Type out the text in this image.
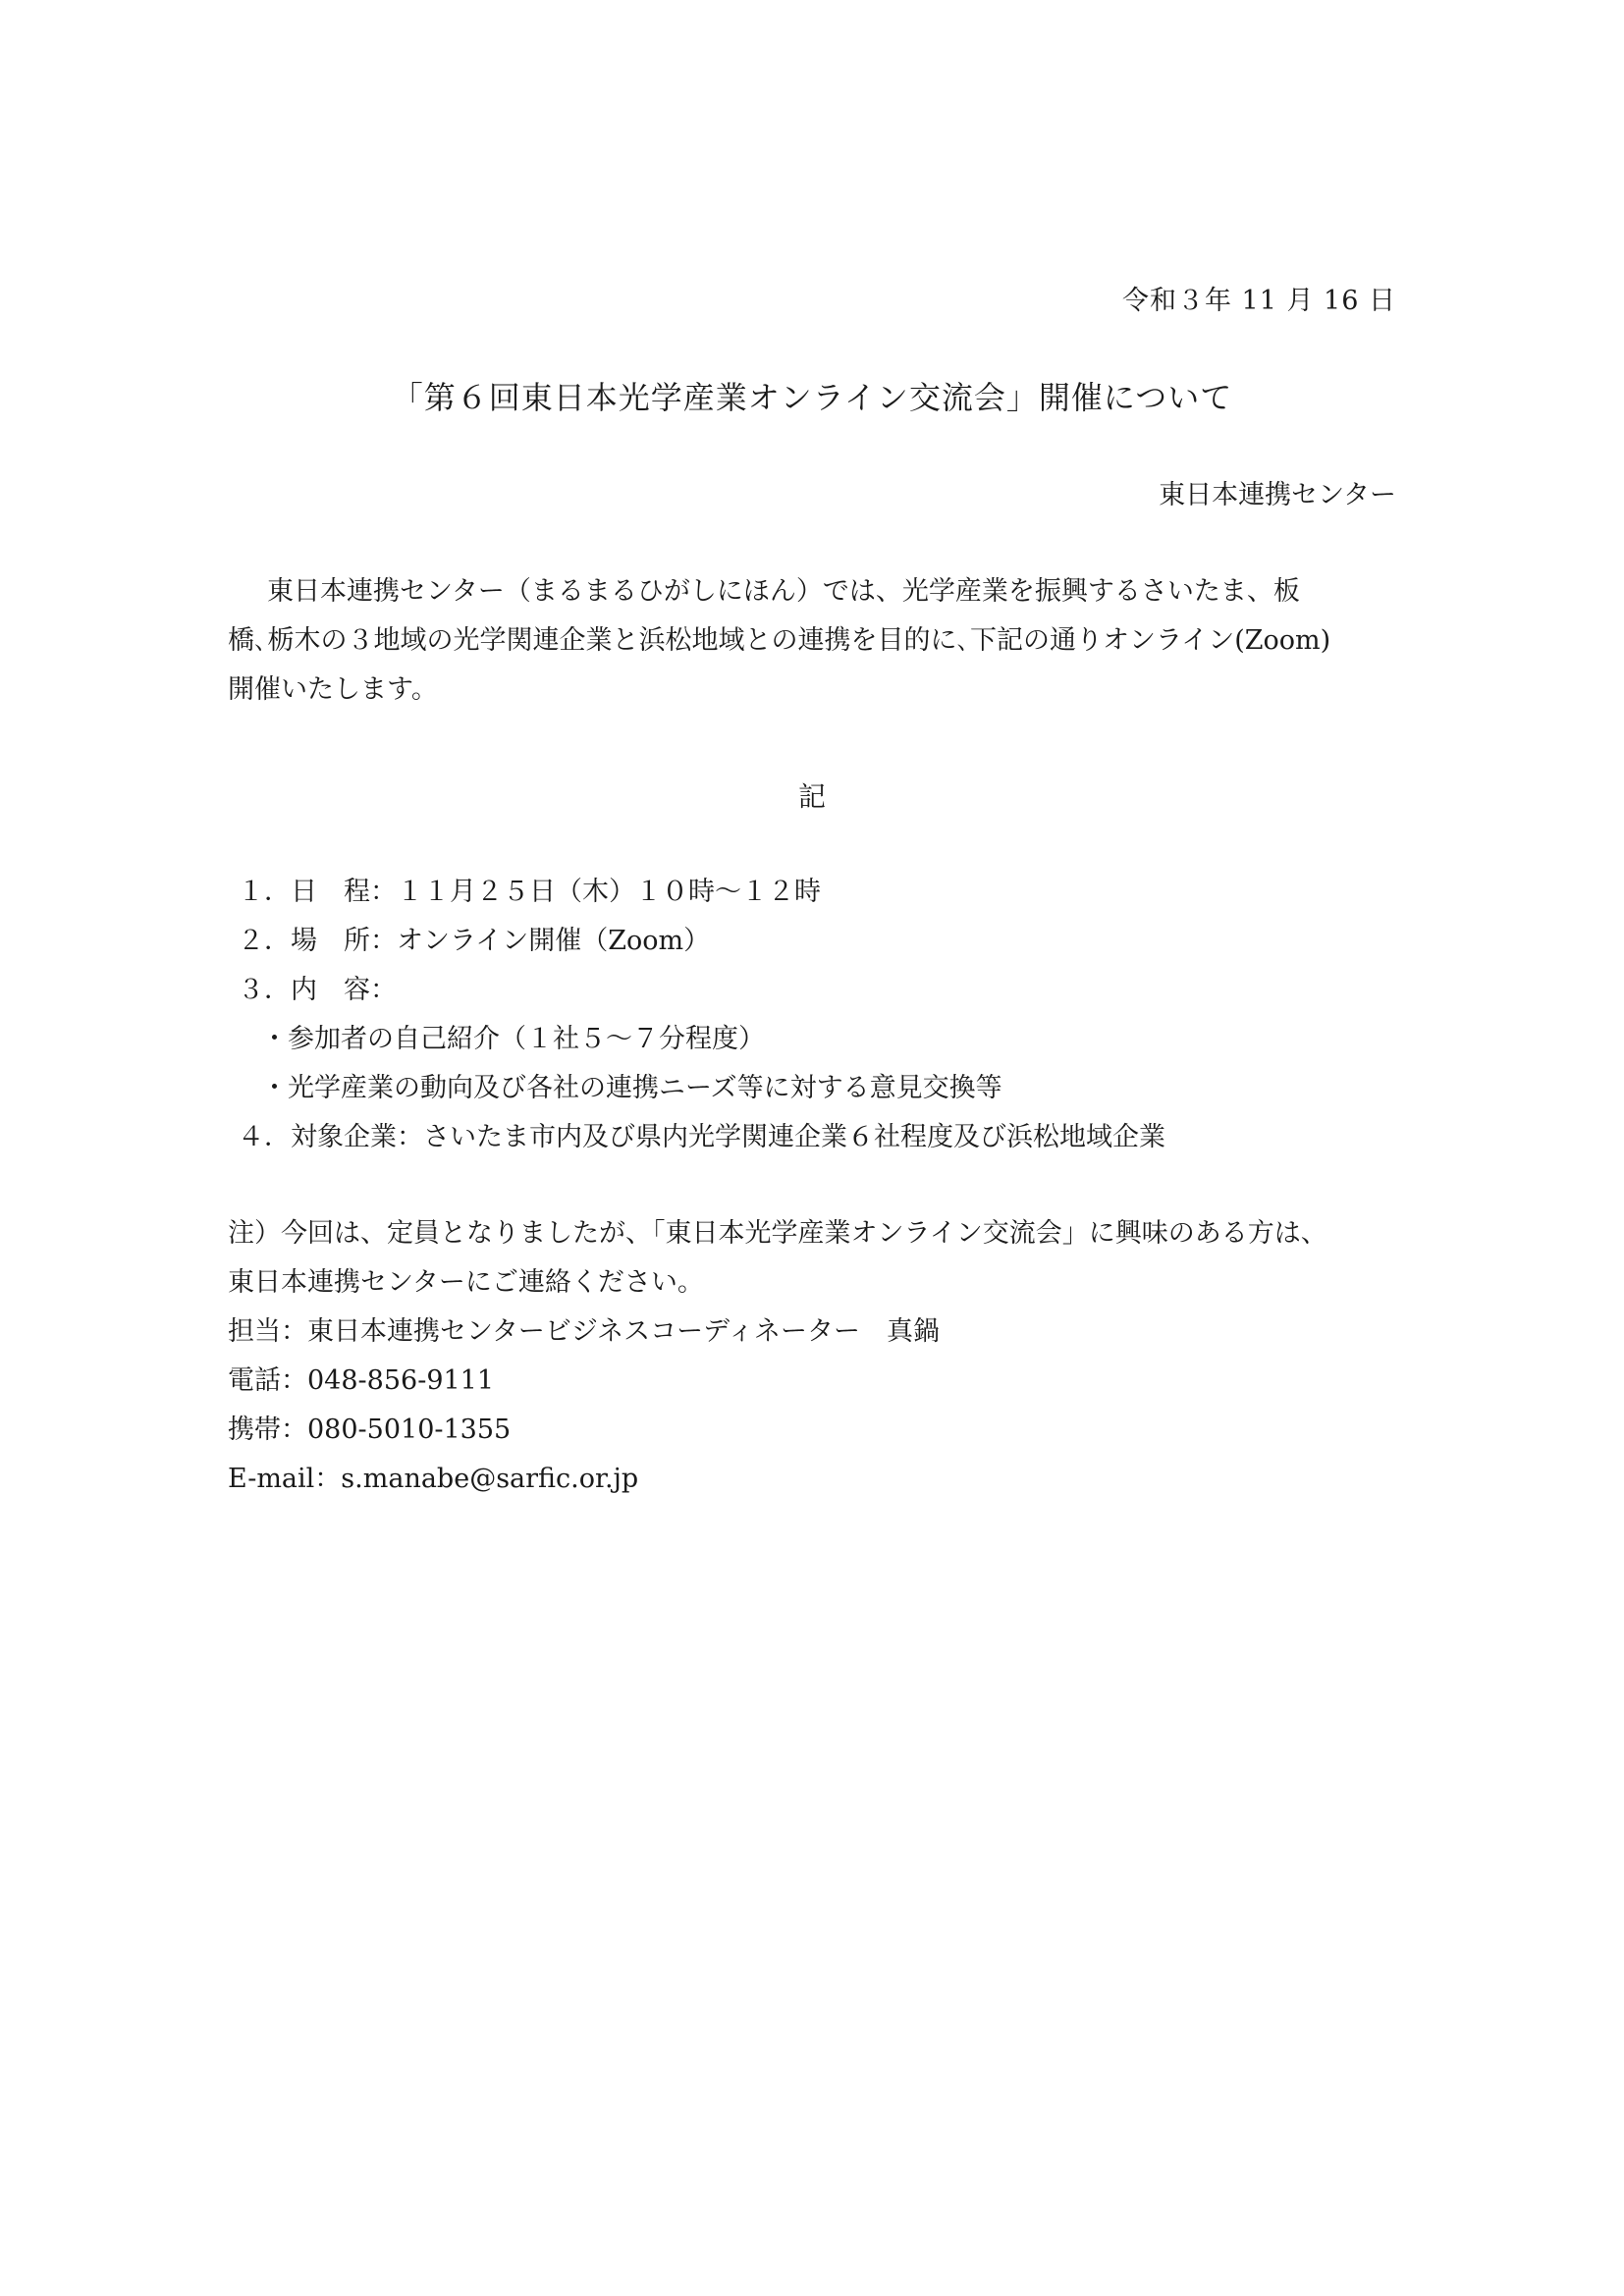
令和３年 11 月 16 日
「第６回東日本光学産業オンライン交流会」開催について
東日本連携センター
東日本連携センター（まるまるひがしにほん）では、光学産業を振興するさいたま、板
橋､栃木の３地域の光学関連企業と浜松地域との連携を目的に､下記の通りオンライン(Zoom)
開催いたします。
記
１．日　程：１１月２５日（木）１０時～１２時
２．場　所：オンライン開催（Zoom）
３．内　容：
・参加者の自己紹介（１社５～７分程度）
・光学産業の動向及び各社の連携ニーズ等に対する意見交換等
４．対象企業：さいたま市内及び県内光学関連企業６社程度及び浜松地域企業
注）今回は、定員となりましたが、「東日本光学産業オンライン交流会」に興味のある方は、
東日本連携センターにご連絡ください。
担当：東日本連携センタービジネスコーディネーター　真鍋
電話：048-856-9111
携帯：080-5010-1355
E-mail：s.manabe@sarfic.or.jp
